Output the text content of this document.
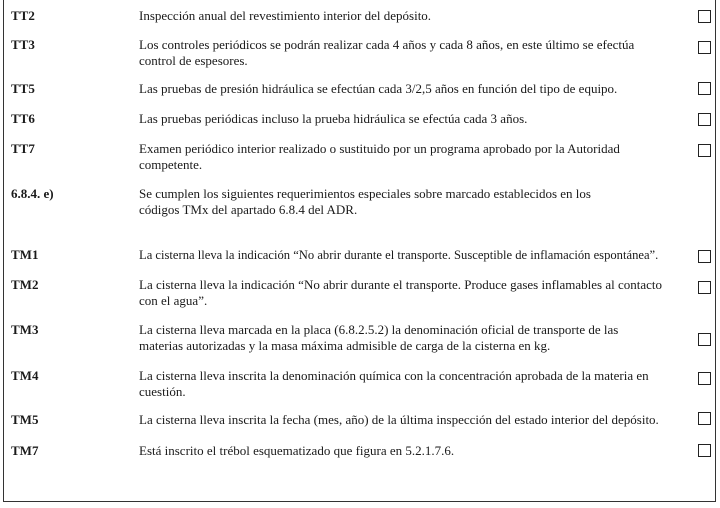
TT2	Inspección anual del revestimiento interior del depósito.
TT3	Los controles periódicos se podrán realizar cada 4 años y cada 8 años, en este último se efectúa control de espesores.
TT5	Las pruebas de presión hidráulica se efectúan cada 3/2,5 años en función del tipo de equipo.
TT6	Las pruebas periódicas incluso la prueba hidráulica se efectúa cada 3 años.
TT7	Examen periódico interior realizado o sustituido por un programa aprobado por la Autoridad competente.
6.8.4. e)	Se cumplen los siguientes requerimientos especiales sobre marcado establecidos en los códigos TMx del apartado 6.8.4 del ADR.
TM1	La cisterna lleva la indicación “No abrir durante el transporte. Susceptible de inflamación espontánea”.
TM2	La cisterna lleva la indicación “No abrir durante el transporte. Produce gases inflamables al contacto con el agua”.
TM3	La cisterna lleva marcada en la placa (6.8.2.5.2) la denominación oficial de transporte de las materias autorizadas y la masa máxima admisible de carga de la cisterna en kg.
TM4	La cisterna lleva inscrita la denominación química con la concentración aprobada de la materia en cuestión.
TM5	La cisterna lleva inscrita la fecha (mes, año) de la última inspección del estado interior del depósito.
TM7	Está inscrito el trébol esquematizado que figura en 5.2.1.7.6.
